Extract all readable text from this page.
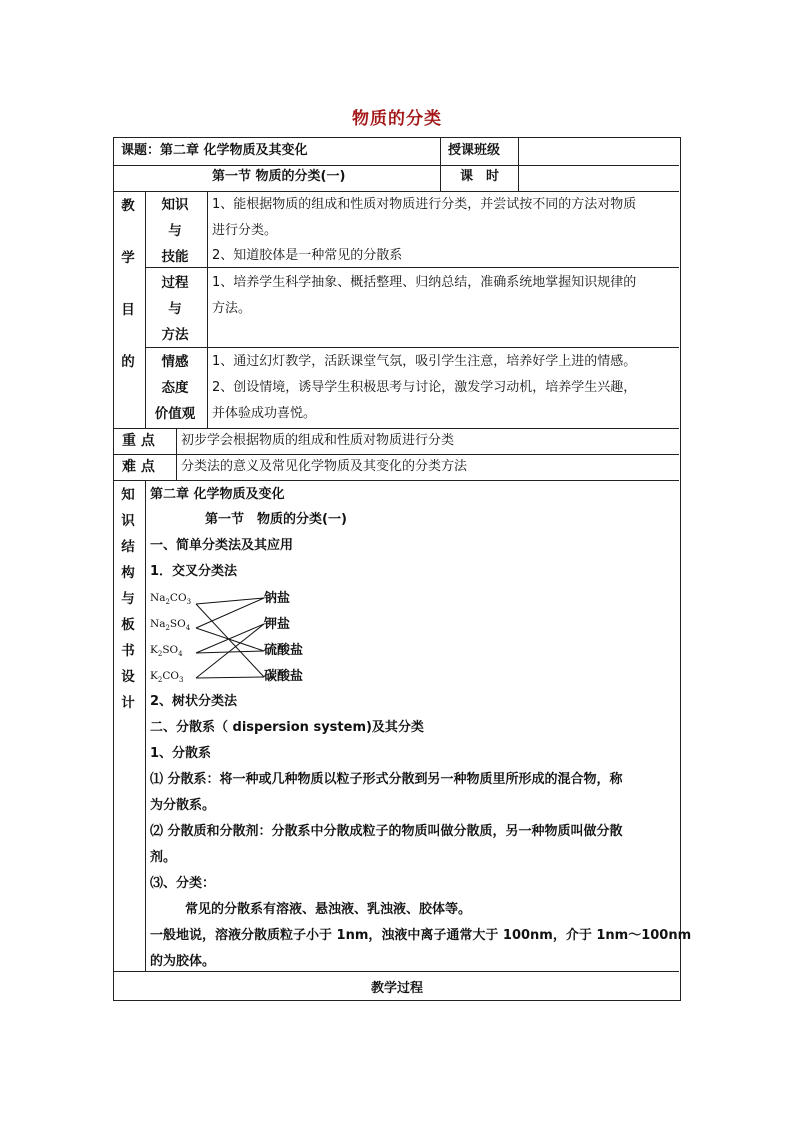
物质的分类
课题：第二章 化学物质及其变化
第一节 物质的分类(一)
授课班级
课　时
教
学
目
的
知识
与
技能
1、能根据物质的组成和性质对物质进行分类，并尝试按不同的方法对物质
进行分类。
2、知道胶体是一种常见的分散系
过程
与
方法
1、培养学生科学抽象、概括整理、归纳总结，准确系统地掌握知识规律的
方法。
情感
态度
价值观
1、通过幻灯教学，活跃课堂气氛，吸引学生注意，培养好学上进的情感。
2、创设情境，诱导学生积极思考与讨论，激发学习动机，培养学生兴趣，
并体验成功喜悦。
重 点 初步学会根据物质的组成和性质对物质进行分类
难 点 分类法的意义及常见化学物质及其变化的分类方法
知
识
结
构
与
板
书
设
计
第二章 化学物质及变化
第一节　物质的分类(一)
一、简单分类法及其应用
1．交叉分类法
$Na_2CO_3$
$Na_2SO_4$
$K_2SO_4$
$K_2CO_3$
钠盐
钾盐
硫酸盐
碳酸盐
2、树状分类法
二、分散系（ dispersion system)及其分类
1、分散系
⑴ 分散系：将一种或几种物质以粒子形式分散到另一种物质里所形成的混合物，称
为分散系。
⑵ 分散质和分散剂：分散系中分散成粒子的物质叫做分散质，另一种物质叫做分散
剂。
⑶、分类：
常见的分散系有溶液、悬浊液、乳浊液、胶体等。
一般地说，溶液分散质粒子小于 1nm，浊液中离子通常大于 100nm，介于 1nm～100nm
的为胶体。
教学过程
